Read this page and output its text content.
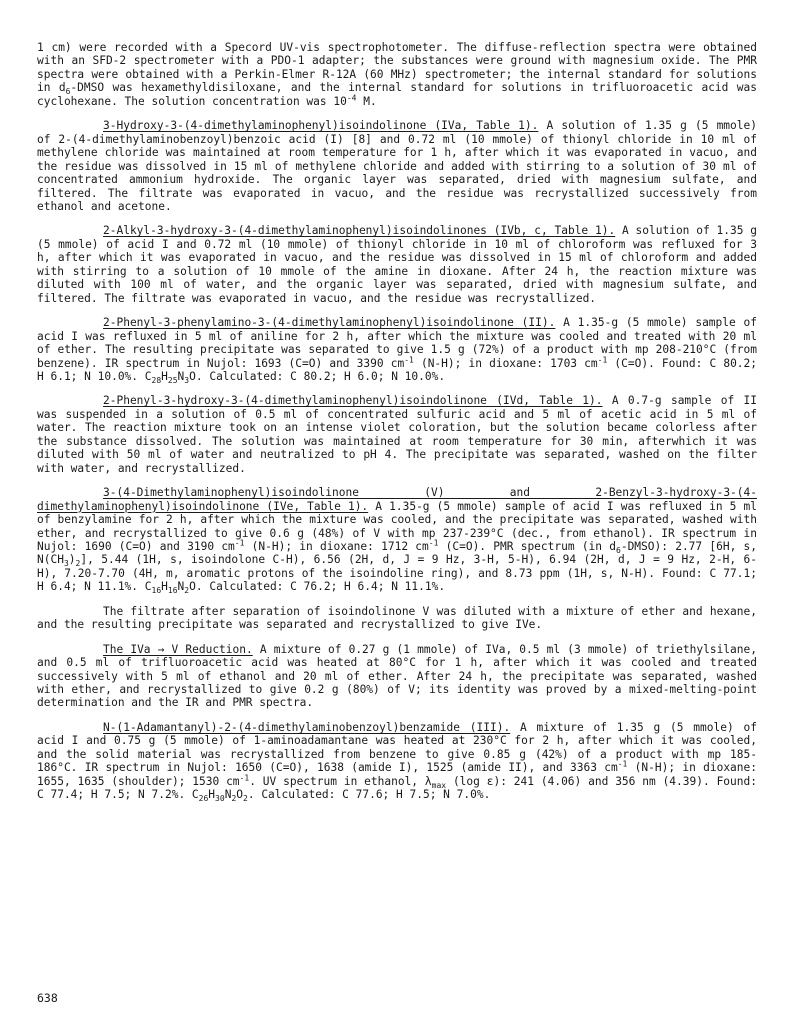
1 cm) were recorded with a Specord UV-vis spectrophotometer. The diffuse-reflection spectra were obtained with an SFD-2 spectrometer with a PDO-1 adapter; the substances were ground with magnesium oxide. The PMR spectra were obtained with a Perkin-Elmer R-12A (60 MHz) spectrometer; the internal standard for solutions in $d_6$-DMSO was hexamethyldisiloxane, and the internal standard for solutions in trifluoroacetic acid was cyclohexane. The solution concentration was $10^{-4}$ M.

3-Hydroxy-3-(4-dimethylaminophenyl)isoindolinone (IVa, Table 1). A solution of 1.35 g (5 mmole) of 2-(4-dimethylaminobenzoyl)benzoic acid (I) [8] and 0.72 ml (10 mmole) of thionyl chloride in 10 ml of methylene chloride was maintained at room temperature for 1 h, after which it was evaporated in vacuo, and the residue was dissolved in 15 ml of methylene chloride and added with stirring to a solution of 30 ml of concentrated ammonium hydroxide. The organic layer was separated, dried with magnesium sulfate, and filtered. The filtrate was evaporated in vacuo, and the residue was recrystallized successively from ethanol and acetone.

2-Alkyl-3-hydroxy-3-(4-dimethylaminophenyl)isoindolinones (IVb, c, Table 1). A solution of 1.35 g (5 mmole) of acid I and 0.72 ml (10 mmole) of thionyl chloride in 10 ml of chloroform was refluxed for 3 h, after which it was evaporated in vacuo, and the residue was dissolved in 15 ml of chloroform and added with stirring to a solution of 10 mmole of the amine in dioxane. After 24 h, the reaction mixture was diluted with 100 ml of water, and the organic layer was separated, dried with magnesium sulfate, and filtered. The filtrate was evaporated in vacuo, and the residue was recrystallized.

2-Phenyl-3-phenylamino-3-(4-dimethylaminophenyl)isoindolinone (II). A 1.35-g (5 mmole) sample of acid I was refluxed in 5 ml of aniline for 2 h, after which the mixture was cooled and treated with 20 ml of ether. The resulting precipitate was separated to give 1.5 g (72%) of a product with mp 208-210°C (from benzene). IR spectrum in Nujol: 1693 (C=O) and 3390 $cm^{-1}$ (N-H); in dioxane: 1703 $cm^{-1}$ (C=O). Found: C 80.2; H 6.1; N 10.0%. $C_{28}H_{25}N_3O$. Calculated: C 80.2; H 6.0; N 10.0%.

2-Phenyl-3-hydroxy-3-(4-dimethylaminophenyl)isoindolinone (IVd, Table 1). A 0.7-g sample of II was suspended in a solution of 0.5 ml of concentrated sulfuric acid and 5 ml of acetic acid in 5 ml of water. The reaction mixture took on an intense violet coloration, but the solution became colorless after the substance dissolved. The solution was maintained at room temperature for 30 min, afterwhich it was diluted with 50 ml of water and neutralized to pH 4. The precipitate was separated, washed on the filter with water, and recrystallized.

3-(4-Dimethylaminophenyl)isoindolinone (V) and 2-Benzyl-3-hydroxy-3-(4-dimethylaminophenyl)isoindolinone (IVe, Table 1). A 1.35-g (5 mmole) sample of acid I was refluxed in 5 ml of benzylamine for 2 h, after which the mixture was cooled, and the precipitate was separated, washed with ether, and recrystallized to give 0.6 g (48%) of V with mp 237-239°C (dec., from ethanol). IR spectrum in Nujol: 1690 (C=O) and 3190 $cm^{-1}$ (N-H); in dioxane: 1712 $cm^{-1}$ (C=O). PMR spectrum (in $d_6-DMSO$): 2.77 [6H, s, $N(CH_3)_2$], 5.44 (1H, s, isoindolone C-H), 6.56 (2H, d, J = 9 Hz, 3-H, 5-H), 6.94 (2H, d, J = 9 Hz, 2-H, 6-H), 7.20-7.70 (4H, m, aromatic protons of the isoindoline ring), and 8.73 ppm (1H, s, N-H). Found: C 77.1; H 6.4; N 11.1%. $C_{16}H_{16}N_2O$. Calculated: C 76.2; H 6.4; N 11.1%.

The filtrate after separation of isoindolinone V was diluted with a mixture of ether and hexane, and the resulting precipitate was separated and recrystallized to give IVe.

The IVa → V Reduction. A mixture of 0.27 g (1 mmole) of IVa, 0.5 ml (3 mmole) of triethylsilane, and 0.5 ml of trifluoroacetic acid was heated at 80°C for 1 h, after which it was cooled and treated successively with 5 ml of ethanol and 20 ml of ether. After 24 h, the precipitate was separated, washed with ether, and recrystallized to give 0.2 g (80%) of V; its identity was proved by a mixed-melting-point determination and the IR and PMR spectra.

N-(1-Adamantanyl)-2-(4-dimethylaminobenzoyl)benzamide (III). A mixture of 1.35 g (5 mmole) of acid I and 0.75 g (5 mmole) of 1-aminoadamantane was heated at 230°C for 2 h, after which it was cooled, and the solid material was recrystallized from benzene to give 0.85 g (42%) of a product with mp 185-186°C. IR spectrum in Nujol: 1650 (C=O), 1638 (amide I), 1525 (amide II), and 3363 $cm^{-1}$ (N-H); in dioxane: 1655, 1635 (shoulder); 1530 $cm^{-1}$. UV spectrum in ethanol, $\lambda_{max}$ (log ε): 241 (4.06) and 356 nm (4.39). Found: C 77.4; H 7.5; N 7.2%. $C_{26}H_{30}N_2O_2$. Calculated: C 77.6; H 7.5; N 7.0%.

638
